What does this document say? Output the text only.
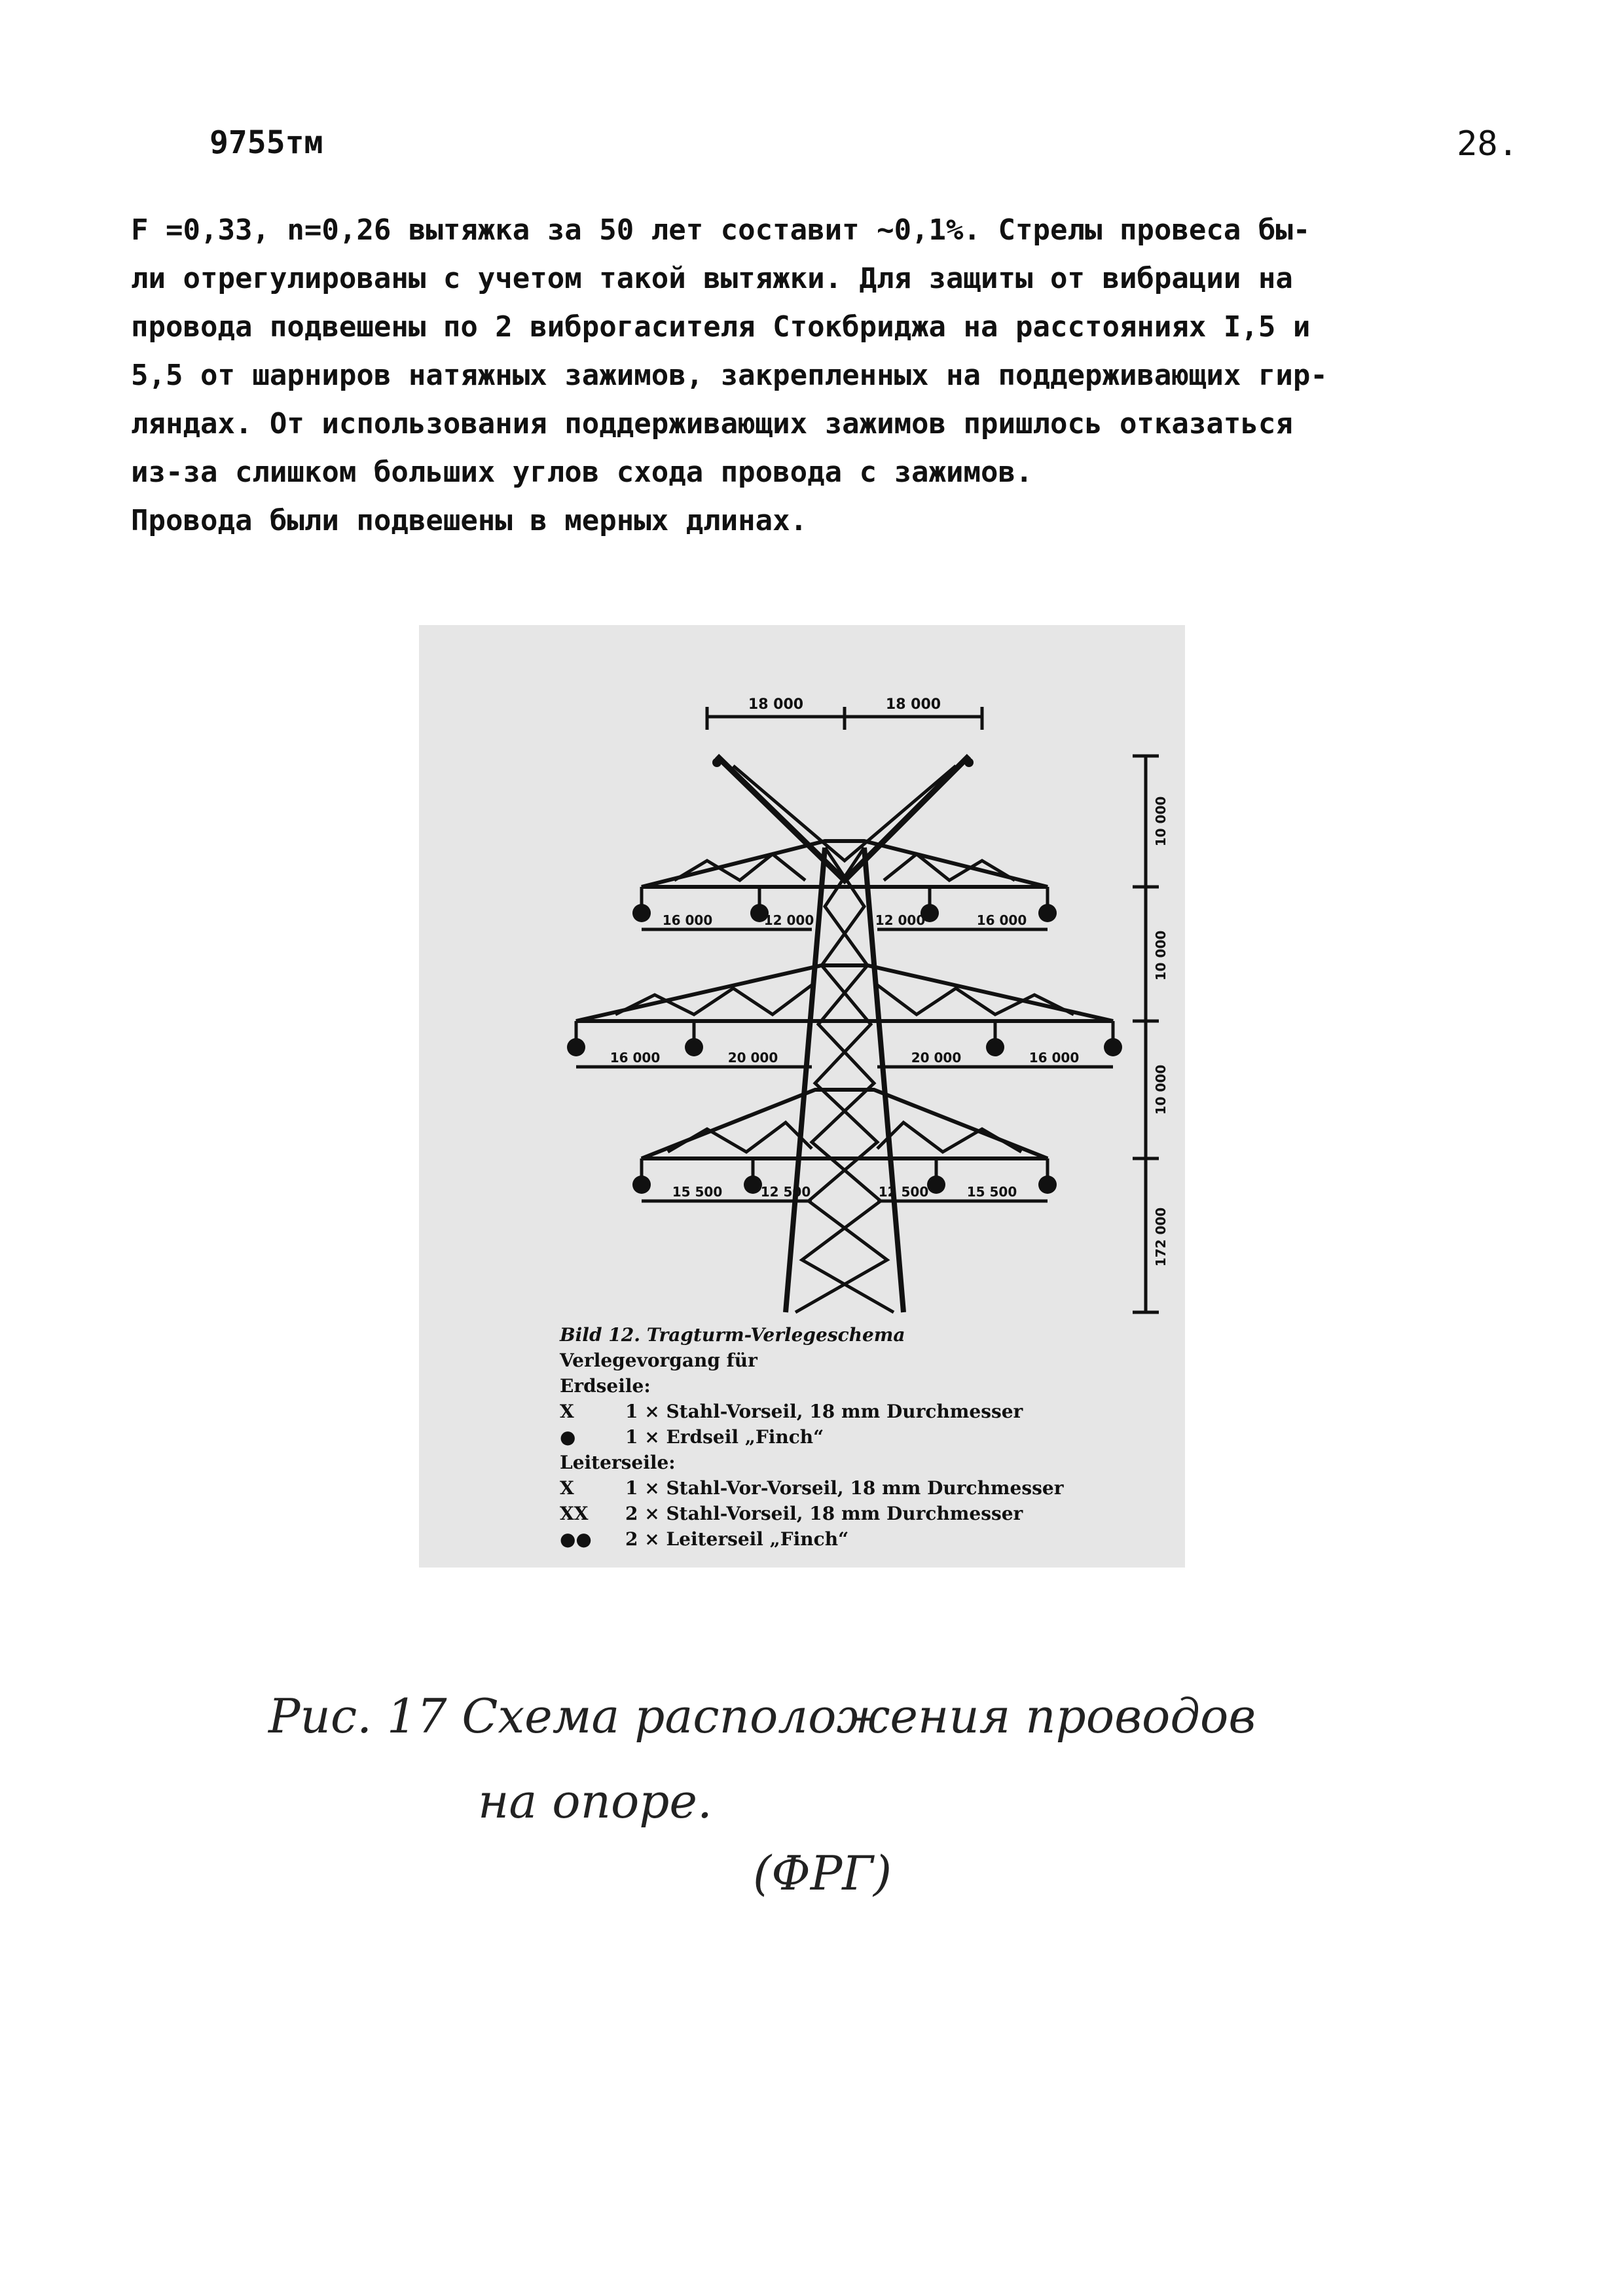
9755тм	28.
F =0,33, n=0,26 вытяжка за 50 лет составит ~0,1%. Стрелы провеса бы-
ли отрегулированы с учетом такой вытяжки. Для защиты от вибрации на
провода подвешены по 2 виброгасителя Стокбриджа на расстояниях I,5 и
5,5 от шарниров натяжных зажимов, закрепленных на поддерживающих гир-
ляндах. От использования поддерживающих зажимов пришлось отказаться
из-за слишком больших углов схода провода с зажимов.
Провода были подвешены в мерных длинах.
18 000	18 000
16 000	12 000	12 000	16 000
16 000	20 000	20 000	16 000
15 500	12 500	12 500	15 500
10 000
10 000
10 000
172 000
Bild 12. Tragturm-Verlegeschema
Verlegevorgang für
Erdseile:
X	1 × Stahl-Vorseil, 18 mm Durchmesser
●	1 × Erdseil „Finch“
Leiterseile:
X	1 × Stahl-Vor-Vorseil, 18 mm Durchmesser
XX 2 × Stahl-Vorseil, 18 mm Durchmesser
●● 2 × Leiterseil „Finch“
Рис. 17 Схема расположения проводов
на опоре.
(ФРГ)
